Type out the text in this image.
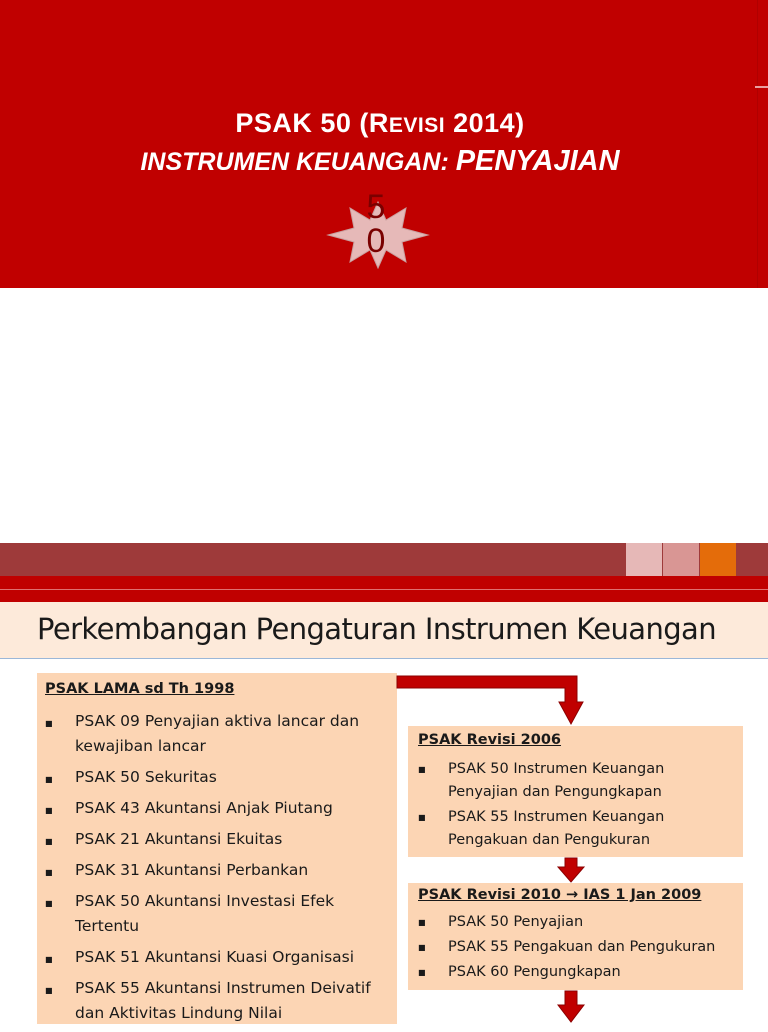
PSAK 50 (REVISI 2014)
INSTRUMEN KEUANGAN: PENYAJIAN
5
0
Perkembangan Pengaturan Instrumen Keuangan
PSAK LAMA sd Th 1998
■ PSAK 09 Penyajian aktiva lancar dan kewajiban lancar
■ PSAK 50 Sekuritas
■ PSAK 43 Akuntansi Anjak Piutang
■ PSAK 21 Akuntansi Ekuitas
■ PSAK 31 Akuntansi Perbankan
■ PSAK 50 Akuntansi Investasi Efek Tertentu
■ PSAK 51 Akuntansi Kuasi Organisasi
■ PSAK 55 Akuntansi Instrumen Deivatif dan Aktivitas Lindung Nilai
PSAK Revisi 2006
■ PSAK 50 Instrumen Keuangan Penyajian dan Pengungkapan
■ PSAK 55 Instrumen Keuangan Pengakuan dan Pengukuran
PSAK Revisi 2010 → IAS 1 Jan 2009
■ PSAK 50 Penyajian
■ PSAK 55 Pengakuan dan Pengukuran
■ PSAK 60 Pengungkapan
